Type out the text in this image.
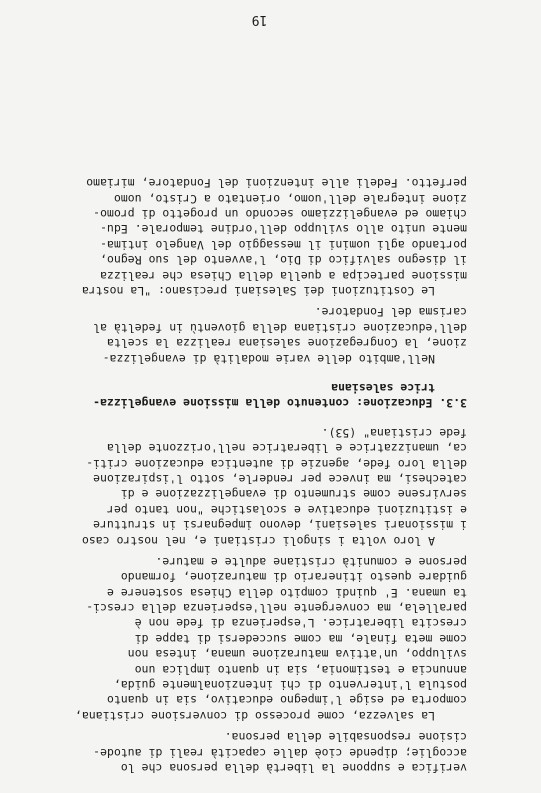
verifica e suppone la libertà della persona che lo
accoglie; dipende cioè dalle capacità reali di autode-
cisione responsabile della persona.
La salvezza, come processo di conversione cristiana,
comporta ed esige l'impegno educativo, sia in quanto
postula l'intervento di chi intenzionalmente guida,
annuncia e testimonia, sia in quanto implica uno
sviluppo, un'attiva maturazione umana, intesa non
come meta finale, ma come succedersi di tappe di
crescita liberatrice. L'esperienza di fede non è
parallela, ma convergente nell'esperienza della cresci-
ta umana. E' quindi compito della Chiesa sostenere e
guidare questo itinerario di maturazione, formando
persone e comunità cristiane adulte e mature.
A loro volta i singoli cristiani e, nel nostro caso
i missionari salesiani, devono impegnarsi in strutture
e istituzioni educative e scolastiche "non tanto per
servirsene come strumento di evangelizzazione e di
catechesi, ma invece per renderle, sotto l'ispirazione
della loro fede, agenzie di autentica educazione criti-
ca, umanizzatrice e liberatrice nell'orizzonte della
fede cristiana" (53).
3.3. Educazione: contenuto della missione evangelizza-
trice salesiana
Nell'ambito delle varie modalità di evangelizza-
zione, la Congregazione salesiana realizza la scelta
dell'educazione cristiana della gioventù in fedeltà al
carisma del Fondatore.
Le Costituzioni dei Salesiani precisano: "La nostra
missione partecipa a quella della Chiesa che realizza
il disegno salvifico di Dio, l'avvento del suo Regno,
portando agli uomini il messaggio del Vangelo intima-
mente unito allo sviluppo dell'ordine temporale. Edu-
chiamo ed evangelizziamo secondo un progetto di promo-
zione integrale dell'uomo, orientato a Cristo, uomo
perfetto. Fedeli alle intenzioni del Fondatore, miriamo
19
